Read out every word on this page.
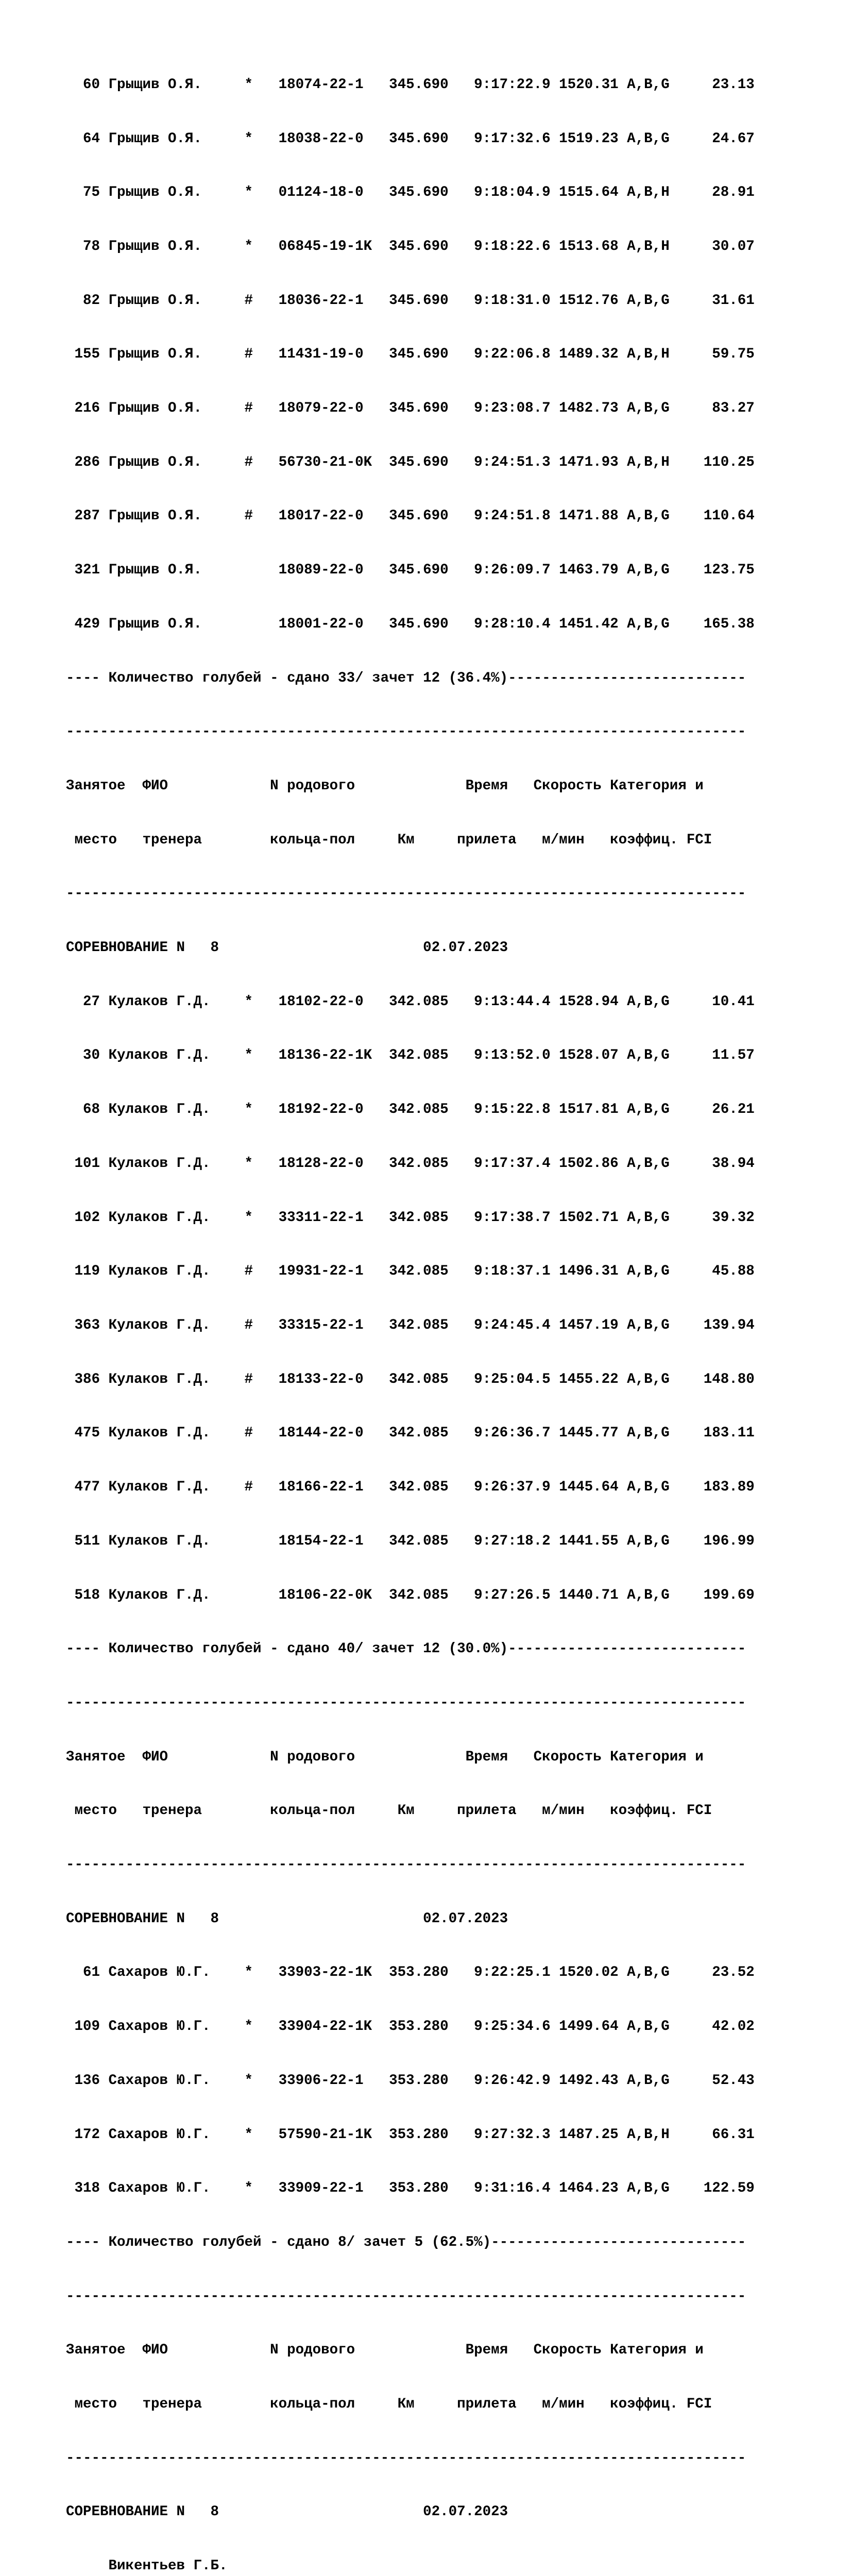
60 Грыщив О.Я.     *   18074-22-1   345.690   9:17:22.9 1520.31 A,B,G     23.13

64 Грыщив О.Я.     *   18038-22-0   345.690   9:17:32.6 1519.23 A,B,G     24.67

75 Грыщив О.Я.     *   01124-18-0   345.690   9:18:04.9 1515.64 A,B,H     28.91

78 Грыщив О.Я.     *   06845-19-1K  345.690   9:18:22.6 1513.68 A,B,H     30.07

82 Грыщив О.Я.     #   18036-22-1   345.690   9:18:31.0 1512.76 A,B,G     31.61

155 Грыщив О.Я.     #   11431-19-0   345.690   9:22:06.8 1489.32 A,B,H     59.75

216 Грыщив О.Я.     #   18079-22-0   345.690   9:23:08.7 1482.73 A,B,G     83.27

286 Грыщив О.Я.     #   56730-21-0K  345.690   9:24:51.3 1471.93 A,B,H    110.25

287 Грыщив О.Я.     #   18017-22-0   345.690   9:24:51.8 1471.88 A,B,G    110.64

321 Грыщив О.Я.         18089-22-0   345.690   9:26:09.7 1463.79 A,B,G    123.75

429 Грыщив О.Я.         18001-22-0   345.690   9:28:10.4 1451.42 A,B,G    165.38

---- Количество голубей - сдано 33/ зачет 12 (36.4%)----------------------------

--------------------------------------------------------------------------------

Занятое  ФИО            N родового             Время   Скорость Категория и

место   тренера        кольца-пол     Км     прилета   м/мин   коэффиц. FCI

--------------------------------------------------------------------------------

СОРЕВНОВАНИЕ N   8                        02.07.2023

27 Кулаков Г.Д.    *   18102-22-0   342.085   9:13:44.4 1528.94 A,B,G     10.41

30 Кулаков Г.Д.    *   18136-22-1K  342.085   9:13:52.0 1528.07 A,B,G     11.57

68 Кулаков Г.Д.    *   18192-22-0   342.085   9:15:22.8 1517.81 A,B,G     26.21

101 Кулаков Г.Д.    *   18128-22-0   342.085   9:17:37.4 1502.86 A,B,G     38.94

102 Кулаков Г.Д.    *   33311-22-1   342.085   9:17:38.7 1502.71 A,B,G     39.32

119 Кулаков Г.Д.    #   19931-22-1   342.085   9:18:37.1 1496.31 A,B,G     45.88

363 Кулаков Г.Д.    #   33315-22-1   342.085   9:24:45.4 1457.19 A,B,G    139.94

386 Кулаков Г.Д.    #   18133-22-0   342.085   9:25:04.5 1455.22 A,B,G    148.80

475 Кулаков Г.Д.    #   18144-22-0   342.085   9:26:36.7 1445.77 A,B,G    183.11

477 Кулаков Г.Д.    #   18166-22-1   342.085   9:26:37.9 1445.64 A,B,G    183.89

511 Кулаков Г.Д.        18154-22-1   342.085   9:27:18.2 1441.55 A,B,G    196.99

518 Кулаков Г.Д.        18106-22-0K  342.085   9:27:26.5 1440.71 A,B,G    199.69

---- Количество голубей - сдано 40/ зачет 12 (30.0%)----------------------------

--------------------------------------------------------------------------------

Занятое  ФИО            N родового             Время   Скорость Категория и

место   тренера        кольца-пол     Км     прилета   м/мин   коэффиц. FCI

--------------------------------------------------------------------------------

СОРЕВНОВАНИЕ N   8                        02.07.2023

61 Сахаров Ю.Г.    *   33903-22-1K  353.280   9:22:25.1 1520.02 A,B,G     23.52

109 Сахаров Ю.Г.    *   33904-22-1K  353.280   9:25:34.6 1499.64 A,B,G     42.02

136 Сахаров Ю.Г.    *   33906-22-1   353.280   9:26:42.9 1492.43 A,B,G     52.43

172 Сахаров Ю.Г.    *   57590-21-1K  353.280   9:27:32.3 1487.25 A,B,H     66.31

318 Сахаров Ю.Г.    *   33909-22-1   353.280   9:31:16.4 1464.23 A,B,G    122.59

---- Количество голубей - сдано 8/ зачет 5 (62.5%)------------------------------

--------------------------------------------------------------------------------

Занятое  ФИО            N родового             Время   Скорость Категория и

место   тренера        кольца-пол     Км     прилета   м/мин   коэффиц. FCI

--------------------------------------------------------------------------------

СОРЕВНОВАНИЕ N   8                        02.07.2023

Викентьев Г.Б.
